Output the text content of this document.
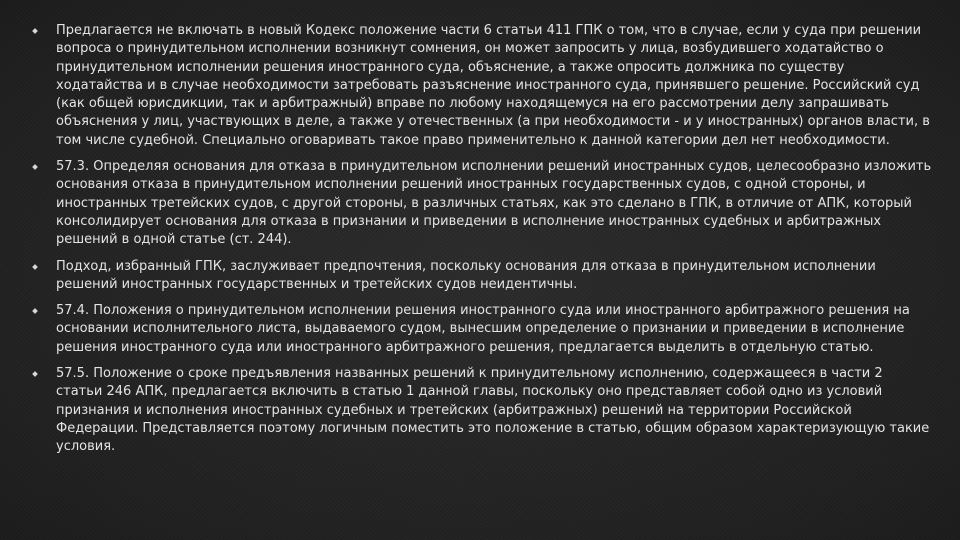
Предлагается не включать в новый Кодекс положение части 6 статьи 411 ГПК о том, что в случае, если у суда при решении вопроса о принудительном исполнении возникнут сомнения, он может запросить у лица, возбудившего ходатайство о принудительном исполнении решения иностранного суда, объяснение, а также опросить должника по существу ходатайства и в случае необходимости затребовать разъяснение иностранного суда, принявшего решение. Российский суд (как общей юрисдикции, так и арбитражный) вправе по любому находящемуся на его рассмотрении делу запрашивать объяснения у лиц, участвующих в деле, а также у отечественных (а при необходимости - и у иностранных) органов власти, в том числе судебной. Специально оговаривать такое право применительно к данной категории дел нет необходимости.
57.3. Определяя основания для отказа в принудительном исполнении решений иностранных судов, целесообразно изложить основания отказа в принудительном исполнении решений иностранных государственных судов, с одной стороны, и иностранных третейских судов, с другой стороны, в различных статьях, как это сделано в ГПК, в отличие от АПК, который консолидирует основания для отказа в признании и приведении в исполнение иностранных судебных и арбитражных решений в одной статье (ст. 244).
Подход, избранный ГПК, заслуживает предпочтения, поскольку основания для отказа в принудительном исполнении решений иностранных государственных и третейских судов неидентичны.
57.4. Положения о принудительном исполнении решения иностранного суда или иностранного арбитражного решения на основании исполнительного листа, выдаваемого судом, вынесшим определение о признании и приведении в исполнение решения иностранного суда или иностранного арбитражного решения, предлагается выделить в отдельную статью.
57.5. Положение о сроке предъявления названных решений к принудительному исполнению, содержащееся в части 2 статьи 246 АПК, предлагается включить в статью 1 данной главы, поскольку оно представляет собой одно из условий признания и исполнения иностранных судебных и третейских (арбитражных) решений на территории Российской Федерации. Представляется поэтому логичным поместить это положение в статью, общим образом характеризующую такие условия.
